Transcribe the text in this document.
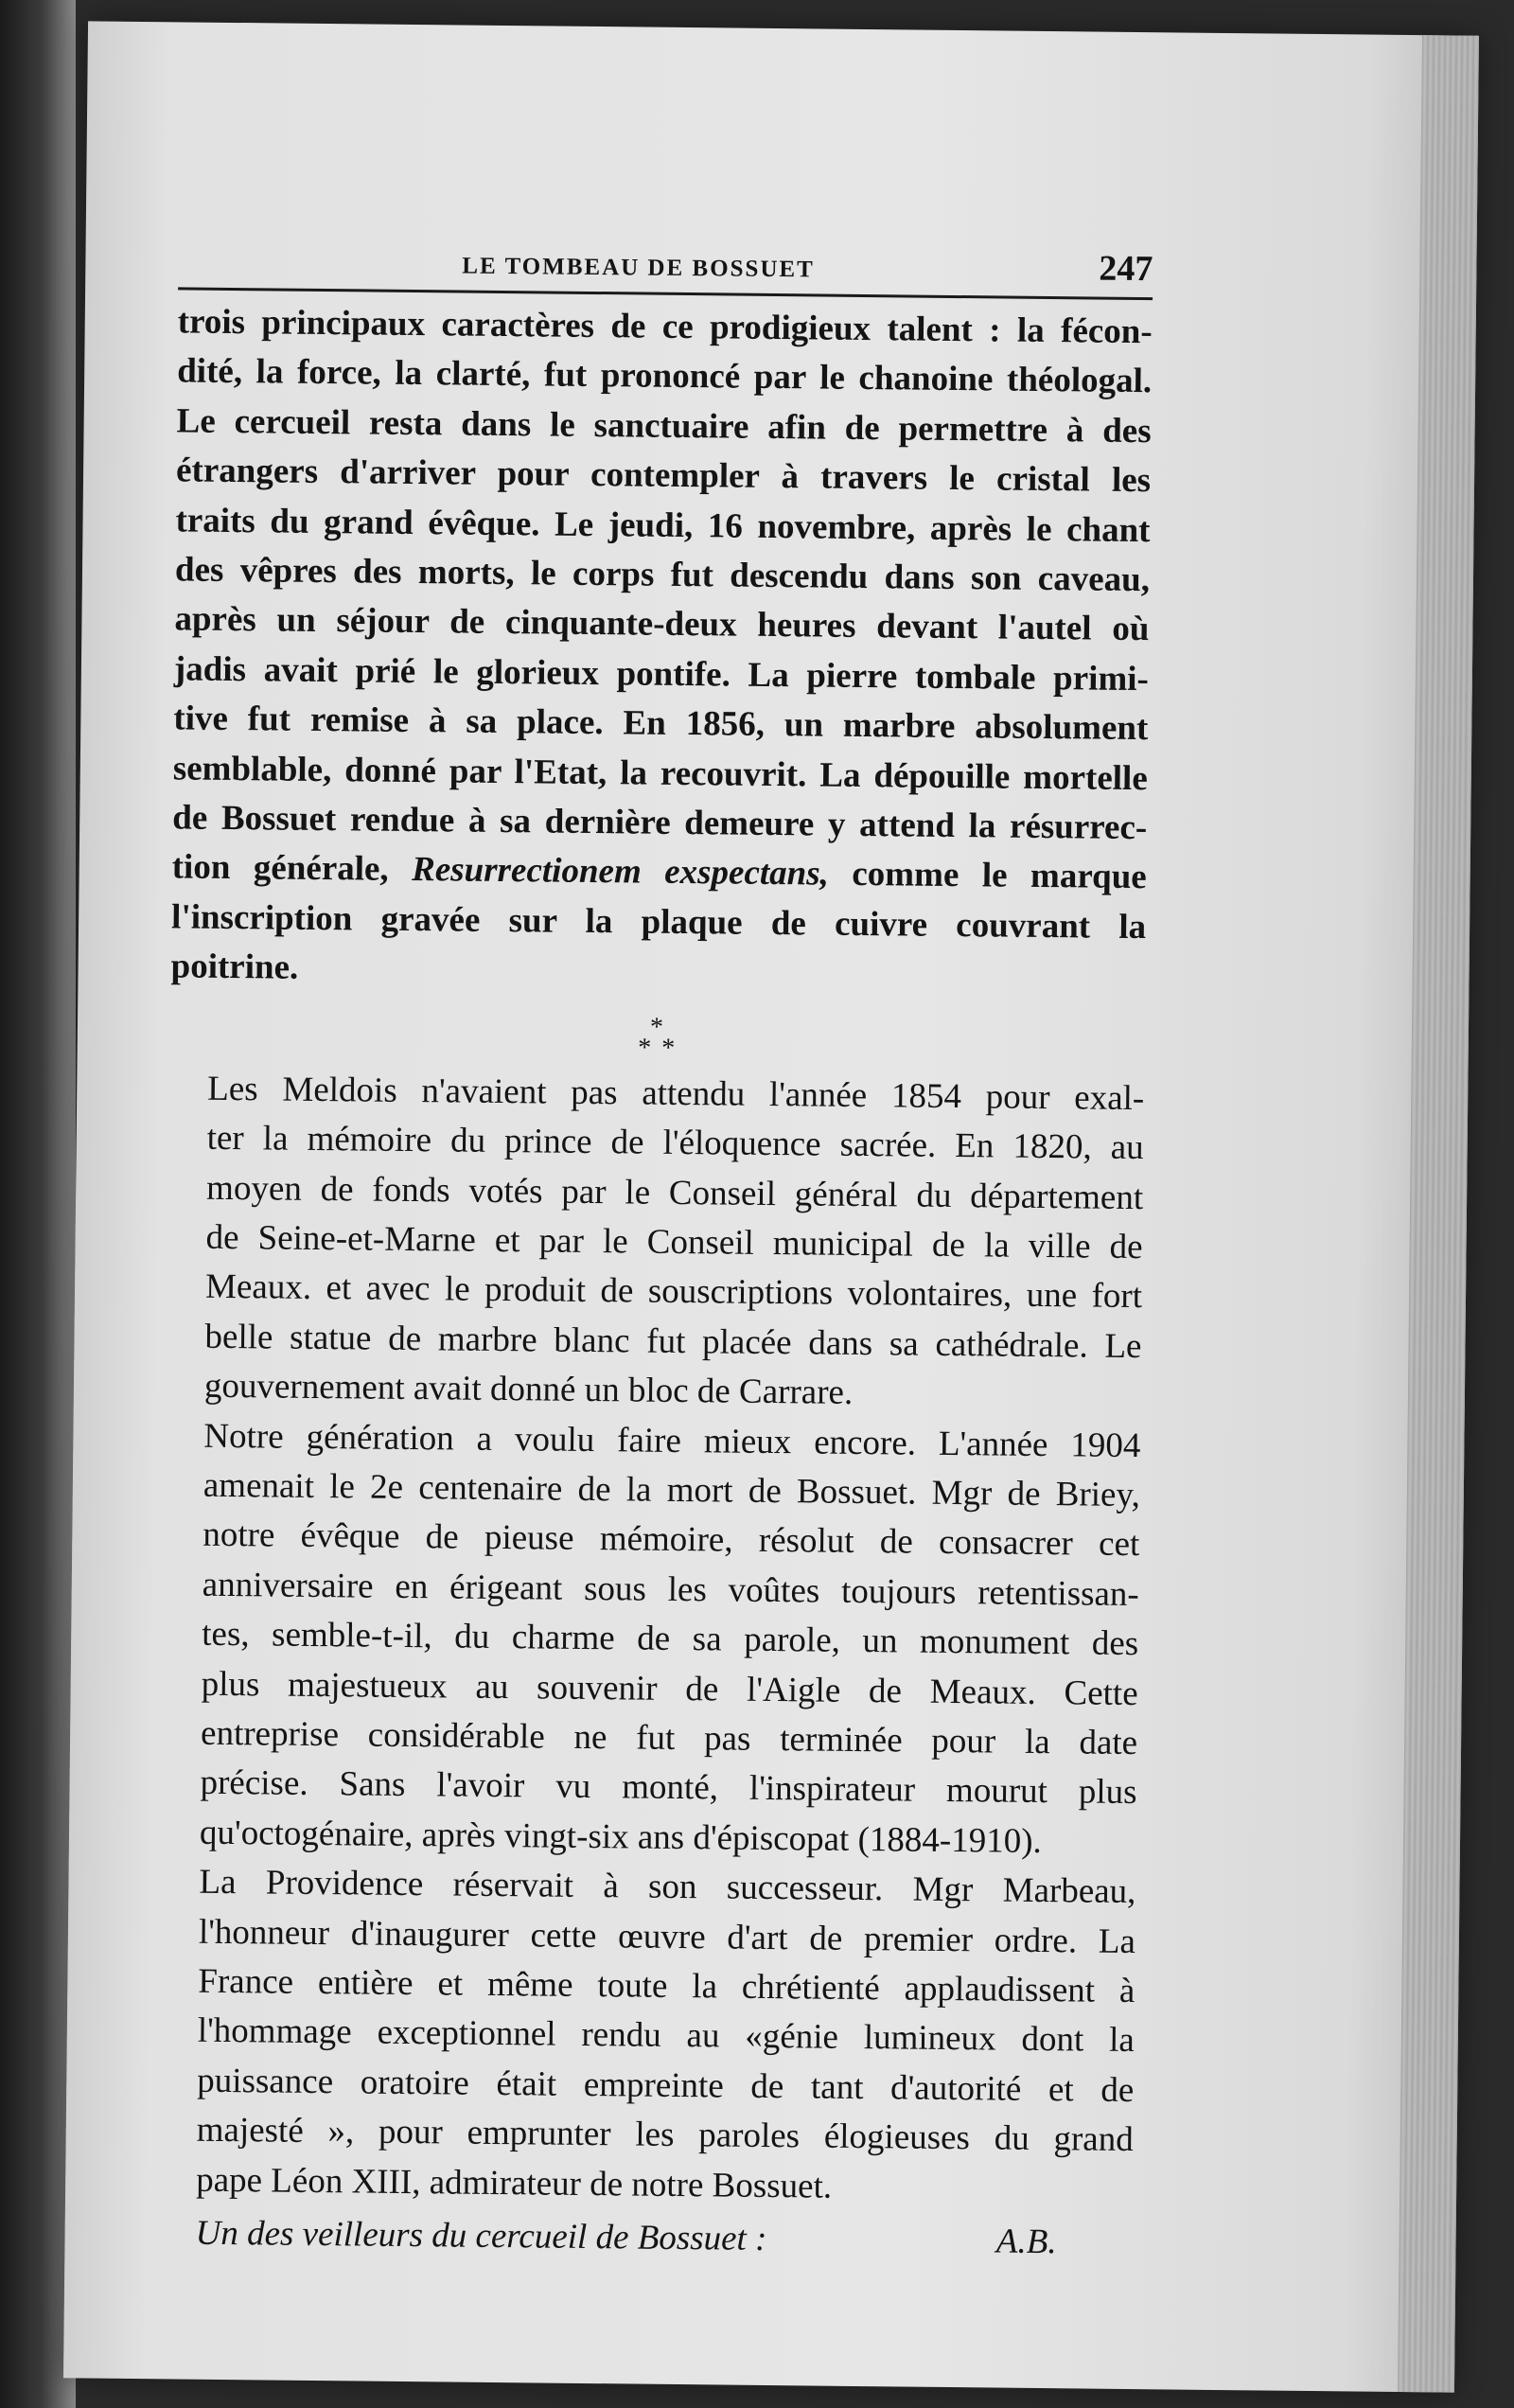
LE TOMBEAU DE BOSSUET	247
trois principaux caractères de ce prodigieux talent : la fécon-
dité, la force, la clarté, fut prononcé par le chanoine théologal.
Le cercueil resta dans le sanctuaire afin de permettre à des
étrangers d'arriver pour contempler à travers le cristal les
traits du grand évêque. Le jeudi, 16 novembre, après le chant
des vêpres des morts, le corps fut descendu dans son caveau,
après un séjour de cinquante-deux heures devant l'autel où
jadis avait prié le glorieux pontife. La pierre tombale primi-
tive fut remise à sa place. En 1856, un marbre absolument
semblable, donné par l'Etat, la recouvrit. La dépouille mortelle
de Bossuet rendue à sa dernière demeure y attend la résurrec-
tion générale, Resurrectionem exspectans, comme le marque
l'inscription gravée sur la plaque de cuivre couvrant la
poitrine.
*
* *
Les Meldois n'avaient pas attendu l'année 1854 pour exal-
ter la mémoire du prince de l'éloquence sacrée. En 1820, au
moyen de fonds votés par le Conseil général du département
de Seine-et-Marne et par le Conseil municipal de la ville de
Meaux. et avec le produit de souscriptions volontaires, une fort
belle statue de marbre blanc fut placée dans sa cathédrale. Le
gouvernement avait donné un bloc de Carrare.
Notre génération a voulu faire mieux encore. L'année 1904
amenait le 2e centenaire de la mort de Bossuet. Mgr de Briey,
notre évêque de pieuse mémoire, résolut de consacrer cet
anniversaire en érigeant sous les voûtes toujours retentissan-
tes, semble-t-il, du charme de sa parole, un monument des
plus majestueux au souvenir de l'Aigle de Meaux. Cette
entreprise considérable ne fut pas terminée pour la date
précise. Sans l'avoir vu monté, l'inspirateur mourut plus
qu'octogénaire, après vingt-six ans d'épiscopat (1884-1910).
La Providence réservait à son successeur. Mgr Marbeau,
l'honneur d'inaugurer cette œuvre d'art de premier ordre. La
France entière et même toute la chrétienté applaudissent à
l'hommage exceptionnel rendu au «génie lumineux dont la
puissance oratoire était empreinte de tant d'autorité et de
majesté », pour emprunter les paroles élogieuses du grand
pape Léon XIII, admirateur de notre Bossuet.
Un des veilleurs du cercueil de Bossuet :	A.B.
